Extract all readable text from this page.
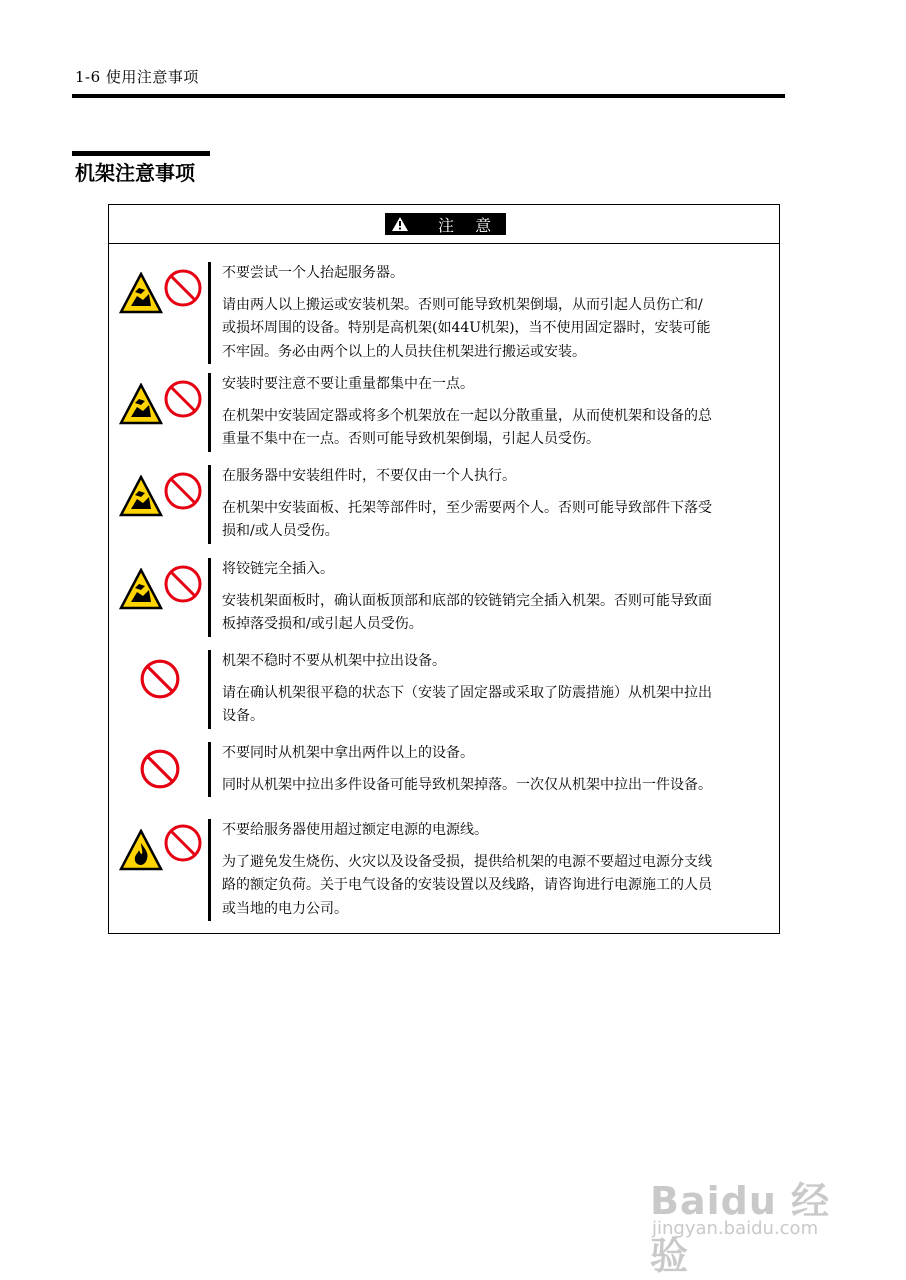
1-6 使用注意事项
机架注意事项
注 意

不要尝试一个人抬起服务器。

请由两人以上搬运或安装机架。否则可能导致机架倒塌，从而引起人员伤亡和/

或损坏周围的设备。特别是高机架(如44U机架)，当不使用固定器时，安装可能

不牢固。务必由两个以上的人员扶住机架进行搬运或安装。

安装时要注意不要让重量都集中在一点。

在机架中安装固定器或将多个机架放在一起以分散重量，从而使机架和设备的总

重量不集中在一点。否则可能导致机架倒塌，引起人员受伤。

在服务器中安装组件时，不要仅由一个人执行。

在机架中安装面板、托架等部件时，至少需要两个人。否则可能导致部件下落受

损和/或人员受伤。

将铰链完全插入。

安装机架面板时，确认面板顶部和底部的铰链销完全插入机架。否则可能导致面

板掉落受损和/或引起人员受伤。

机架不稳时不要从机架中拉出设备。

请在确认机架很平稳的状态下（安装了固定器或采取了防震措施）从机架中拉出

设备。

不要同时从机架中拿出两件以上的设备。

同时从机架中拉出多件设备可能导致机架掉落。一次仅从机架中拉出一件设备。

不要给服务器使用超过额定电源的电源线。

为了避免发生烧伤、火灾以及设备受损，提供给机架的电源不要超过电源分支线

路的额定负荷。关于电气设备的安装设置以及线路，请咨询进行电源施工的人员

或当地的电力公司。

Baidu 经验
jingyan.baidu.com
